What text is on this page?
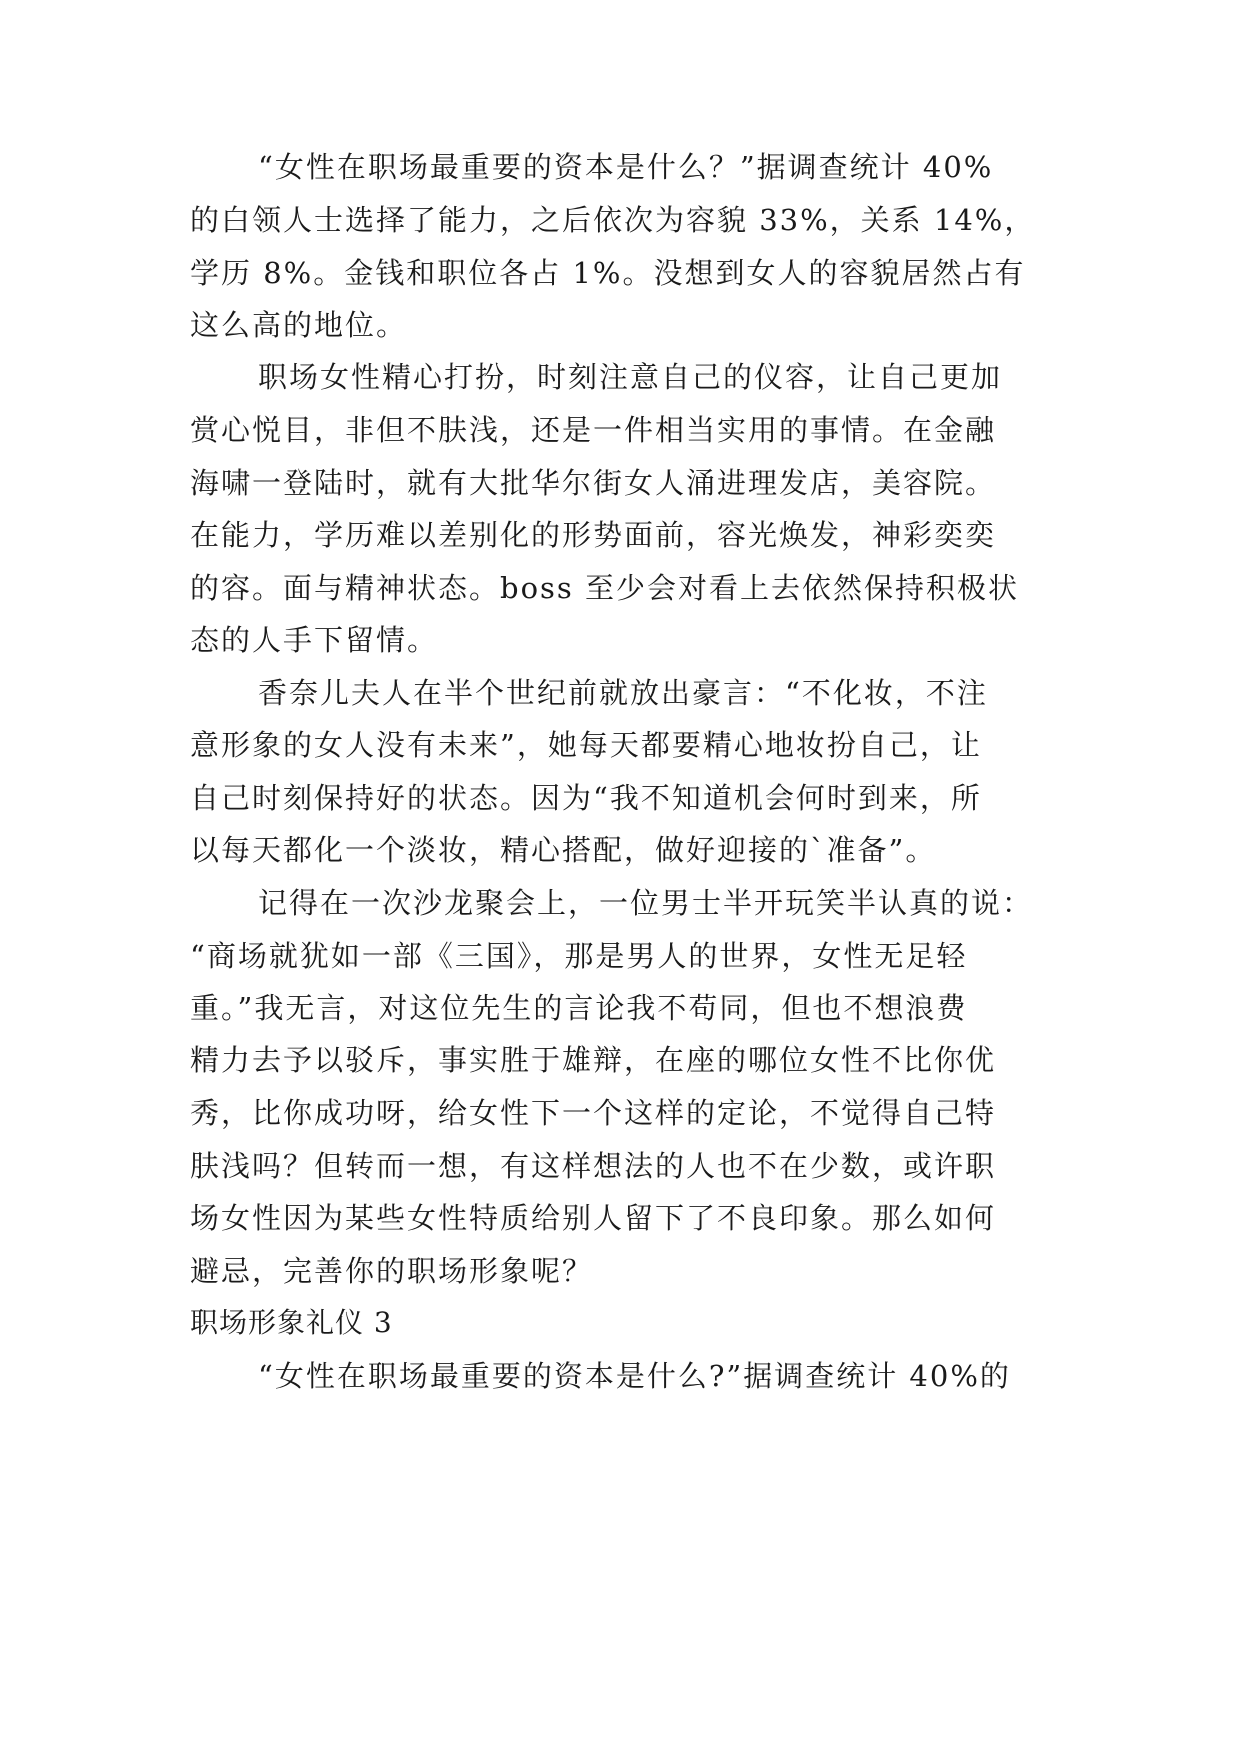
“女性在职场最重要的资本是什么？”据调查统计 40%
的白领人士选择了能力，之后依次为容貌 33%，关系 14%，
学历 8%。金钱和职位各占 1%。没想到女人的容貌居然占有
这么高的地位。
职场女性精心打扮，时刻注意自己的仪容，让自己更加
赏心悦目，非但不肤浅，还是一件相当实用的事情。在金融
海啸一登陆时，就有大批华尔街女人涌进理发店，美容院。
在能力，学历难以差别化的形势面前，容光焕发，神彩奕奕
的容。面与精神状态。boss 至少会对看上去依然保持积极状
态的人手下留情。
香奈儿夫人在半个世纪前就放出豪言：“不化妆，不注
意形象的女人没有未来”，她每天都要精心地妆扮自己，让
自己时刻保持好的状态。因为“我不知道机会何时到来，所
以每天都化一个淡妆，精心搭配，做好迎接的`准备”。
记得在一次沙龙聚会上，一位男士半开玩笑半认真的说：
“商场就犹如一部《三国》，那是男人的世界，女性无足轻
重。”我无言，对这位先生的言论我不苟同，但也不想浪费
精力去予以驳斥，事实胜于雄辩，在座的哪位女性不比你优
秀，比你成功呀，给女性下一个这样的定论，不觉得自己特
肤浅吗？但转而一想，有这样想法的人也不在少数，或许职
场女性因为某些女性特质给别人留下了不良印象。那么如何
避忌，完善你的职场形象呢？
职场形象礼仪 3
“女性在职场最重要的资本是什么?”据调查统计 40%的
